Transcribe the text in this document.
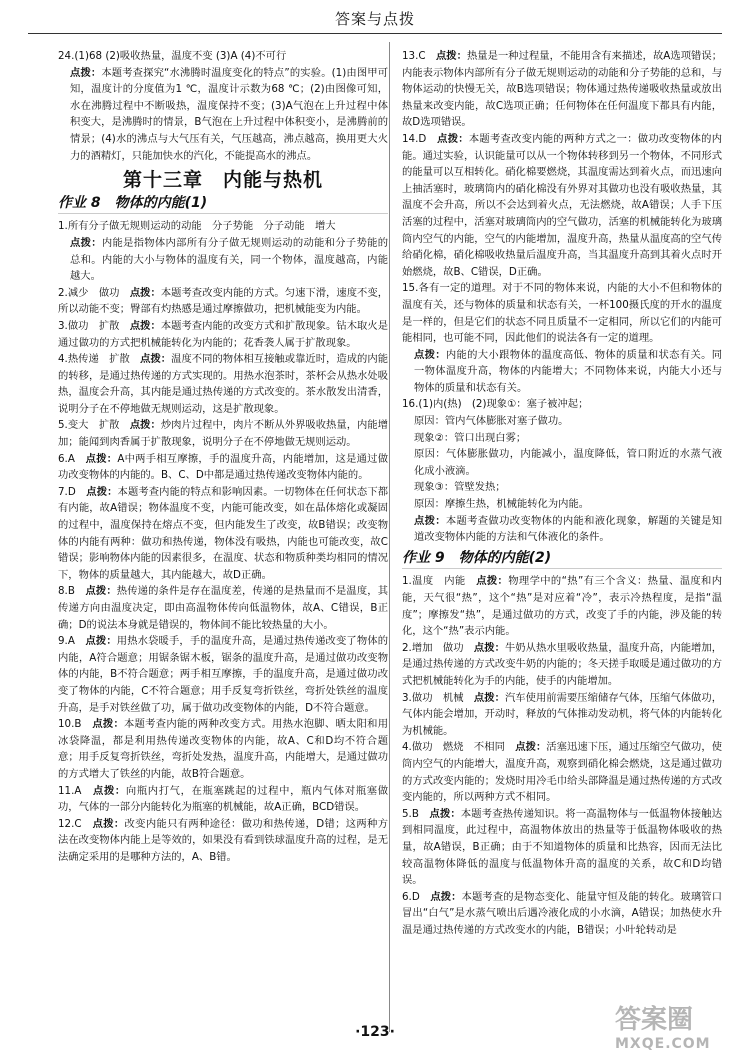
答案与点拨

24.(1)68 (2)吸收热量，温度不变 (3)A (4)不可行

点拨：本题考查探究“水沸腾时温度变化的特点”的实验。(1)由图甲可知，温度计的分度值为1 ℃，温度计示数为68 ℃；(2)由图像可知，水在沸腾过程中不断吸热，温度保持不变；(3)A气泡在上升过程中体积变大，是沸腾时的情景，B气泡在上升过程中体积变小，是沸腾前的情景；(4)水的沸点与大气压有关，气压越高，沸点越高，换用更大火力的酒精灯，只能加快水的汽化，不能提高水的沸点。

第十三章　内能与热机
作业 8　物体的内能(1)

1.所有分子做无规则运动的动能　分子势能　分子动能　增大

点拨：内能是指物体内部所有分子做无规则运动的动能和分子势能的总和。内能的大小与物体的温度有关，同一个物体，温度越高，内能越大。

2.减少　做功　 点拨：本题考查改变内能的方式。匀速下滑，速度不变，所以动能不变；臀部有灼热感是通过摩擦做功，把机械能变为内能。

3.做功　扩散　 点拨：本题考查内能的改变方式和扩散现象。钻木取火是通过做功的方式把机械能转化为内能的；花香袭人属于扩散现象。

4.热传递　扩散　 点拨：温度不同的物体相互接触或靠近时，造成的内能的转移，是通过热传递的方式实现的。用热水泡茶时，茶杯会从热水处吸热，温度会升高，其内能是通过热传递的方式改变的。茶水散发出清香，说明分子在不停地做无规则运动，这是扩散现象。

5.变大　扩散　 点拨：炒肉片过程中，肉片不断从外界吸收热量，内能增加；能闻到肉香属于扩散现象，说明分子在不停地做无规则运动。

6.A　 点拨：A中两手相互摩擦，手的温度升高，内能增加，这是通过做功改变物体的内能的。B、C、D中都是通过热传递改变物体内能的。

7.D　 点拨：本题考查内能的特点和影响因素。一切物体在任何状态下都有内能，故A错误；物体温度不变，内能可能改变，如在晶体熔化或凝固的过程中，温度保持在熔点不变，但内能发生了改变，故B错误；改变物体的内能有两种：做功和热传递，物体没有吸热，内能也可能改变，故C错误；影响物体内能的因素很多，在温度、状态和物质种类均相同的情况下，物体的质量越大，其内能越大，故D正确。

8.B　 点拨：热传递的条件是存在温度差，传递的是热量而不是温度，其传递方向由温度决定，即由高温物体传向低温物体，故A、C错误，B正确；D的说法本身就是错误的，物体间不能比较热量的大小。

9.A　 点拨：用热水袋暖手，手的温度升高，是通过热传递改变了物体的内能，A符合题意；用锯条锯木板，锯条的温度升高，是通过做功改变物体的内能，B不符合题意；两手相互摩擦，手的温度升高，是通过做功改变了物体的内能，C不符合题意；用手反复弯折铁丝，弯折处铁丝的温度升高，是手对铁丝做了功，属于做功改变物体的内能，D不符合题意。

10.B　 点拨：本题考查内能的两种改变方式。用热水泡脚、晒太阳和用冰袋降温，都是利用热传递改变物体的内能，故A、C和D均不符合题意；用手反复弯折铁丝，弯折处发热，温度升高，内能增大，是通过做功的方式增大了铁丝的内能，故B符合题意。

11.A　 点拨：向瓶内打气，在瓶塞跳起的过程中，瓶内气体对瓶塞做功，气体的一部分内能转化为瓶塞的机械能，故A正确，BCD错误。

12.C　 点拨：改变内能只有两种途径：做功和热传递，D错；这两种方法在改变物体内能上是等效的，如果没有看到铁球温度升高的过程，是无法确定采用的是哪种方法的，A、B错。

13.C　 点拨：热量是一种过程量，不能用含有来描述，故A选项错误；内能表示物体内部所有分子做无规则运动的动能和分子势能的总和，与物体运动的快慢无关，故B选项错误；物体通过热传递吸收热量或放出热量来改变内能，故C选项正确；任何物体在任何温度下都具有内能，故D选项错误。

14.D　 点拨：本题考查改变内能的两种方式之一：做功改变物体的内能。通过实验，认识能量可以从一个物体转移到另一个物体，不同形式的能量可以互相转化。硝化棉要燃烧，其温度需达到着火点，而迅速向上抽活塞时，玻璃筒内的硝化棉没有外界对其做功也没有吸收热量，其温度不会升高，所以不会达到着火点，无法燃烧，故A错误；人手下压活塞的过程中，活塞对玻璃筒内的空气做功，活塞的机械能转化为玻璃筒内空气的内能，空气的内能增加，温度升高，热量从温度高的空气传给硝化棉，硝化棉吸收热量后温度升高，当其温度升高到其着火点时开始燃烧，故B、C错误，D正确。

15.各有一定的道理。对于不同的物体来说，内能的大小不但和物体的温度有关，还与物体的质量和状态有关，一杯100摄氏度的开水的温度是一样的，但是它们的状态不同且质量不一定相同，所以它们的内能可能相同，也可能不同，因此他们的说法各有一定的道理。

点拨：内能的大小跟物体的温度高低、物体的质量和状态有关。同一物体温度升高，物体的内能增大；不同物体来说，内能大小还与物体的质量和状态有关。

16.(1)内(热)　(2)现象①：塞子被冲起；

原因：管内气体膨胀对塞子做功。

现象②：管口出现白雾；

原因：气体膨胀做功，内能减小，温度降低，管口附近的水蒸气液化成小液滴。

现象③：管壁发热；

原因：摩擦生热，机械能转化为内能。

点拨：本题考查做功改变物体的内能和液化现象，解题的关键是知道改变物体内能的方法和气体液化的条件。

作业 9　物体的内能(2)

1.温度　内能　 点拨：物理学中的“热”有三个含义：热量、温度和内能，天气很“热”，这个“热”是对应着“冷”，表示冷热程度，是指“温度”；摩擦发“热”，是通过做功的方式，改变了手的内能，涉及能的转化，这个“热”表示内能。

2.增加　做功　 点拨：牛奶从热水里吸收热量，温度升高，内能增加，是通过热传递的方式改变牛奶的内能的；冬天搓手取暖是通过做功的方式把机械能转化为手的内能，使手的内能增加。

3.做功　机械　 点拨：汽车使用前需要压缩储存气体，压缩气体做功，气体内能会增加，开动时，释放的气体推动发动机，将气体的内能转化为机械能。

4.做功　燃烧　不相同　 点拨：活塞迅速下压，通过压缩空气做功，使筒内空气的内能增大，温度升高，观察到硝化棉会燃烧，这是通过做功的方式改变内能的；发烧时用冷毛巾给头部降温是通过热传递的方式改变内能的，所以两种方式不相同。

5.B　 点拨：本题考查热传递知识。将一高温物体与一低温物体接触达到相同温度，此过程中，高温物体放出的热量等于低温物体吸收的热量，故A错误，B正确；由于不知道物体的质量和比热容，因而无法比较高温物体降低的温度与低温物体升高的温度的关系，故C和D均错误。

6.D　 点拨：本题考查的是物态变化、能量守恒及能的转化。玻璃管口冒出“白气”是水蒸气喷出后遇冷液化成的小水滴，A错误；加热使水升温是通过热传递的方式改变水的内能，B错误；小叶轮转动是

·123·	答案圈
MXQE.COM
